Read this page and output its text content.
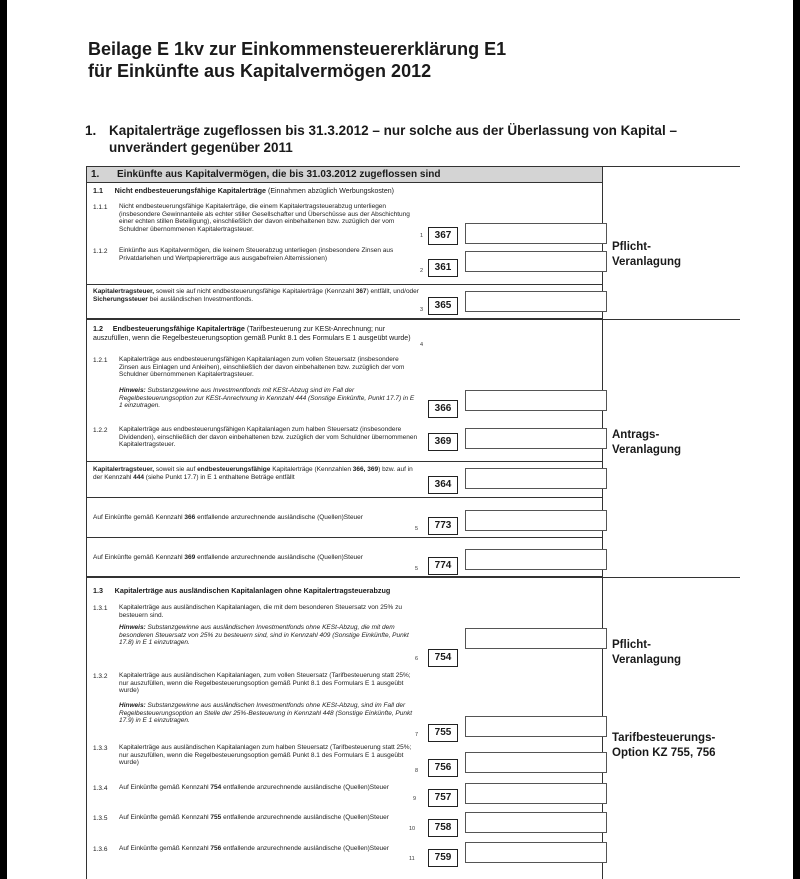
Beilage E 1kv zur Einkommensteuererklärung E1
für Einkünfte aus Kapitalvermögen 2012
1. Kapitalerträge zugeflossen bis 31.3.2012 – nur solche aus der Überlassung von Kapital –
unverändert gegenüber 2011
1. Einkünfte aus Kapitalvermögen, die bis 31.03.2012 zugeflossen sind
1.1 Nicht endbesteuerungsfähige Kapitalerträge (Einnahmen abzüglich Werbungskosten)
1.1.1 Nicht endbesteuerungsfähige Kapitalerträge, die einem Kapitalertragsteuerabzug unterliegen (insbesondere Gewinnanteile als echter stiller Gesellschafter und Überschüsse aus der Abschichtung einer echten stillen Beteiligung), einschließlich der davon einbehaltenen bzw. zuzüglich der vom Schuldner übernommenen Kapitalertragsteuer.
1	367
1.1.2 Einkünfte aus Kapitalvermögen, die keinem Steuerabzug unterliegen (insbesondere Zinsen aus Privatdarlehen und Wertpapiererträge aus ausgabefreien Altemissionen)
2	361
Kapitalertragsteuer, soweit sie auf nicht endbesteuerungsfähige Kapitalerträge (Kennzahl 367) entfällt, und/oder Sicherungssteuer bei ausländischen Investmentfonds.
3	365
Pflicht-
Veranlagung
1.2 Endbesteuerungsfähige Kapitalerträge (Tarifbesteuerung zur KESt-Anrechnung; nur auszufüllen, wenn die Regelbesteuerungsoption gemäß Punkt 8.1 des Formulars E 1 ausgeübt wurde)
4
1.2.1 Kapitalerträge aus endbesteuerungsfähigen Kapitalanlagen zum vollen Steuersatz (insbesondere Zinsen aus Einlagen und Anleihen), einschließlich der davon einbehaltenen bzw. zuzüglich der vom Schuldner übernommenen Kapitalertragsteuer.
Hinweis: Substanzgewinne aus Investmentfonds mit KESt-Abzug sind im Fall der Regelbesteuerungsoption zur KESt-Anrechnung in Kennzahl 444 (Sonstige Einkünfte, Punkt 17.7) in E 1 einzutragen.	366
1.2.2 Kapitalerträge aus endbesteuerungsfähigen Kapitalanlagen zum halben Steuersatz (insbesondere Dividenden), einschließlich der davon einbehaltenen bzw. zuzüglich der vom Schuldner übernommenen Kapitalertragsteuer.	369
Kapitalertragsteuer, soweit sie auf endbesteuerungsfähige Kapitalerträge (Kennzahlen 366, 369) bzw. auf in der Kennzahl 444 (siehe Punkt 17.7) in E 1 enthaltene Beträge entfällt
364
Auf Einkünfte gemäß Kennzahl 366 entfallende anzurechnende ausländische (Quellen)Steuer
5	773
Auf Einkünfte gemäß Kennzahl 369 entfallende anzurechnende ausländische (Quellen)Steuer
5	774
Antrags-
Veranlagung
1.3 Kapitalerträge aus ausländischen Kapitalanlagen ohne Kapitalertragsteuerabzug
1.3.1 Kapitalerträge aus ausländischen Kapitalanlagen, die mit dem besonderen Steuersatz von 25% zu besteuern sind.
Hinweis: Substanzgewinne aus ausländischen Investmentfonds ohne KESt-Abzug, die mit dem besonderen Steuersatz von 25% zu besteuern sind, sind in Kennzahl 409 (Sonstige Einkünfte, Punkt 17.8) in E 1 einzutragen.
6	754
1.3.2 Kapitalerträge aus ausländischen Kapitalanlagen, zum vollen Steuersatz (Tarifbesteuerung statt 25%; nur auszufüllen, wenn die Regelbesteuerungsoption gemäß Punkt 8.1 des Formulars E 1 ausgeübt wurde)
Hinweis: Substanzgewinne aus ausländischen Investmentfonds ohne KESt-Abzug, sind im Fall der Regelbesteuerungsoption an Stelle der 25%-Besteuerung in Kennzahl 448 (Sonstige Einkünfte, Punkt 17.9) in E 1 einzutragen.
7	755
1.3.3 Kapitalerträge aus ausländischen Kapitalanlagen zum halben Steuersatz (Tarifbesteuerung statt 25%; nur auszufüllen, wenn die Regelbesteuerungsoption gemäß Punkt 8.1 des Formulars E 1 ausgeübt wurde)
8	756
1.3.4 Auf Einkünfte gemäß Kennzahl 754 entfallende anzurechnende ausländische (Quellen)Steuer
9	757
1.3.5 Auf Einkünfte gemäß Kennzahl 755 entfallende anzurechnende ausländische (Quellen)Steuer
10	758
1.3.6 Auf Einkünfte gemäß Kennzahl 756 entfallende anzurechnende ausländische (Quellen)Steuer
11	759
Pflicht-
Veranlagung
Tarifbesteuerungs-
Option KZ 755, 756
